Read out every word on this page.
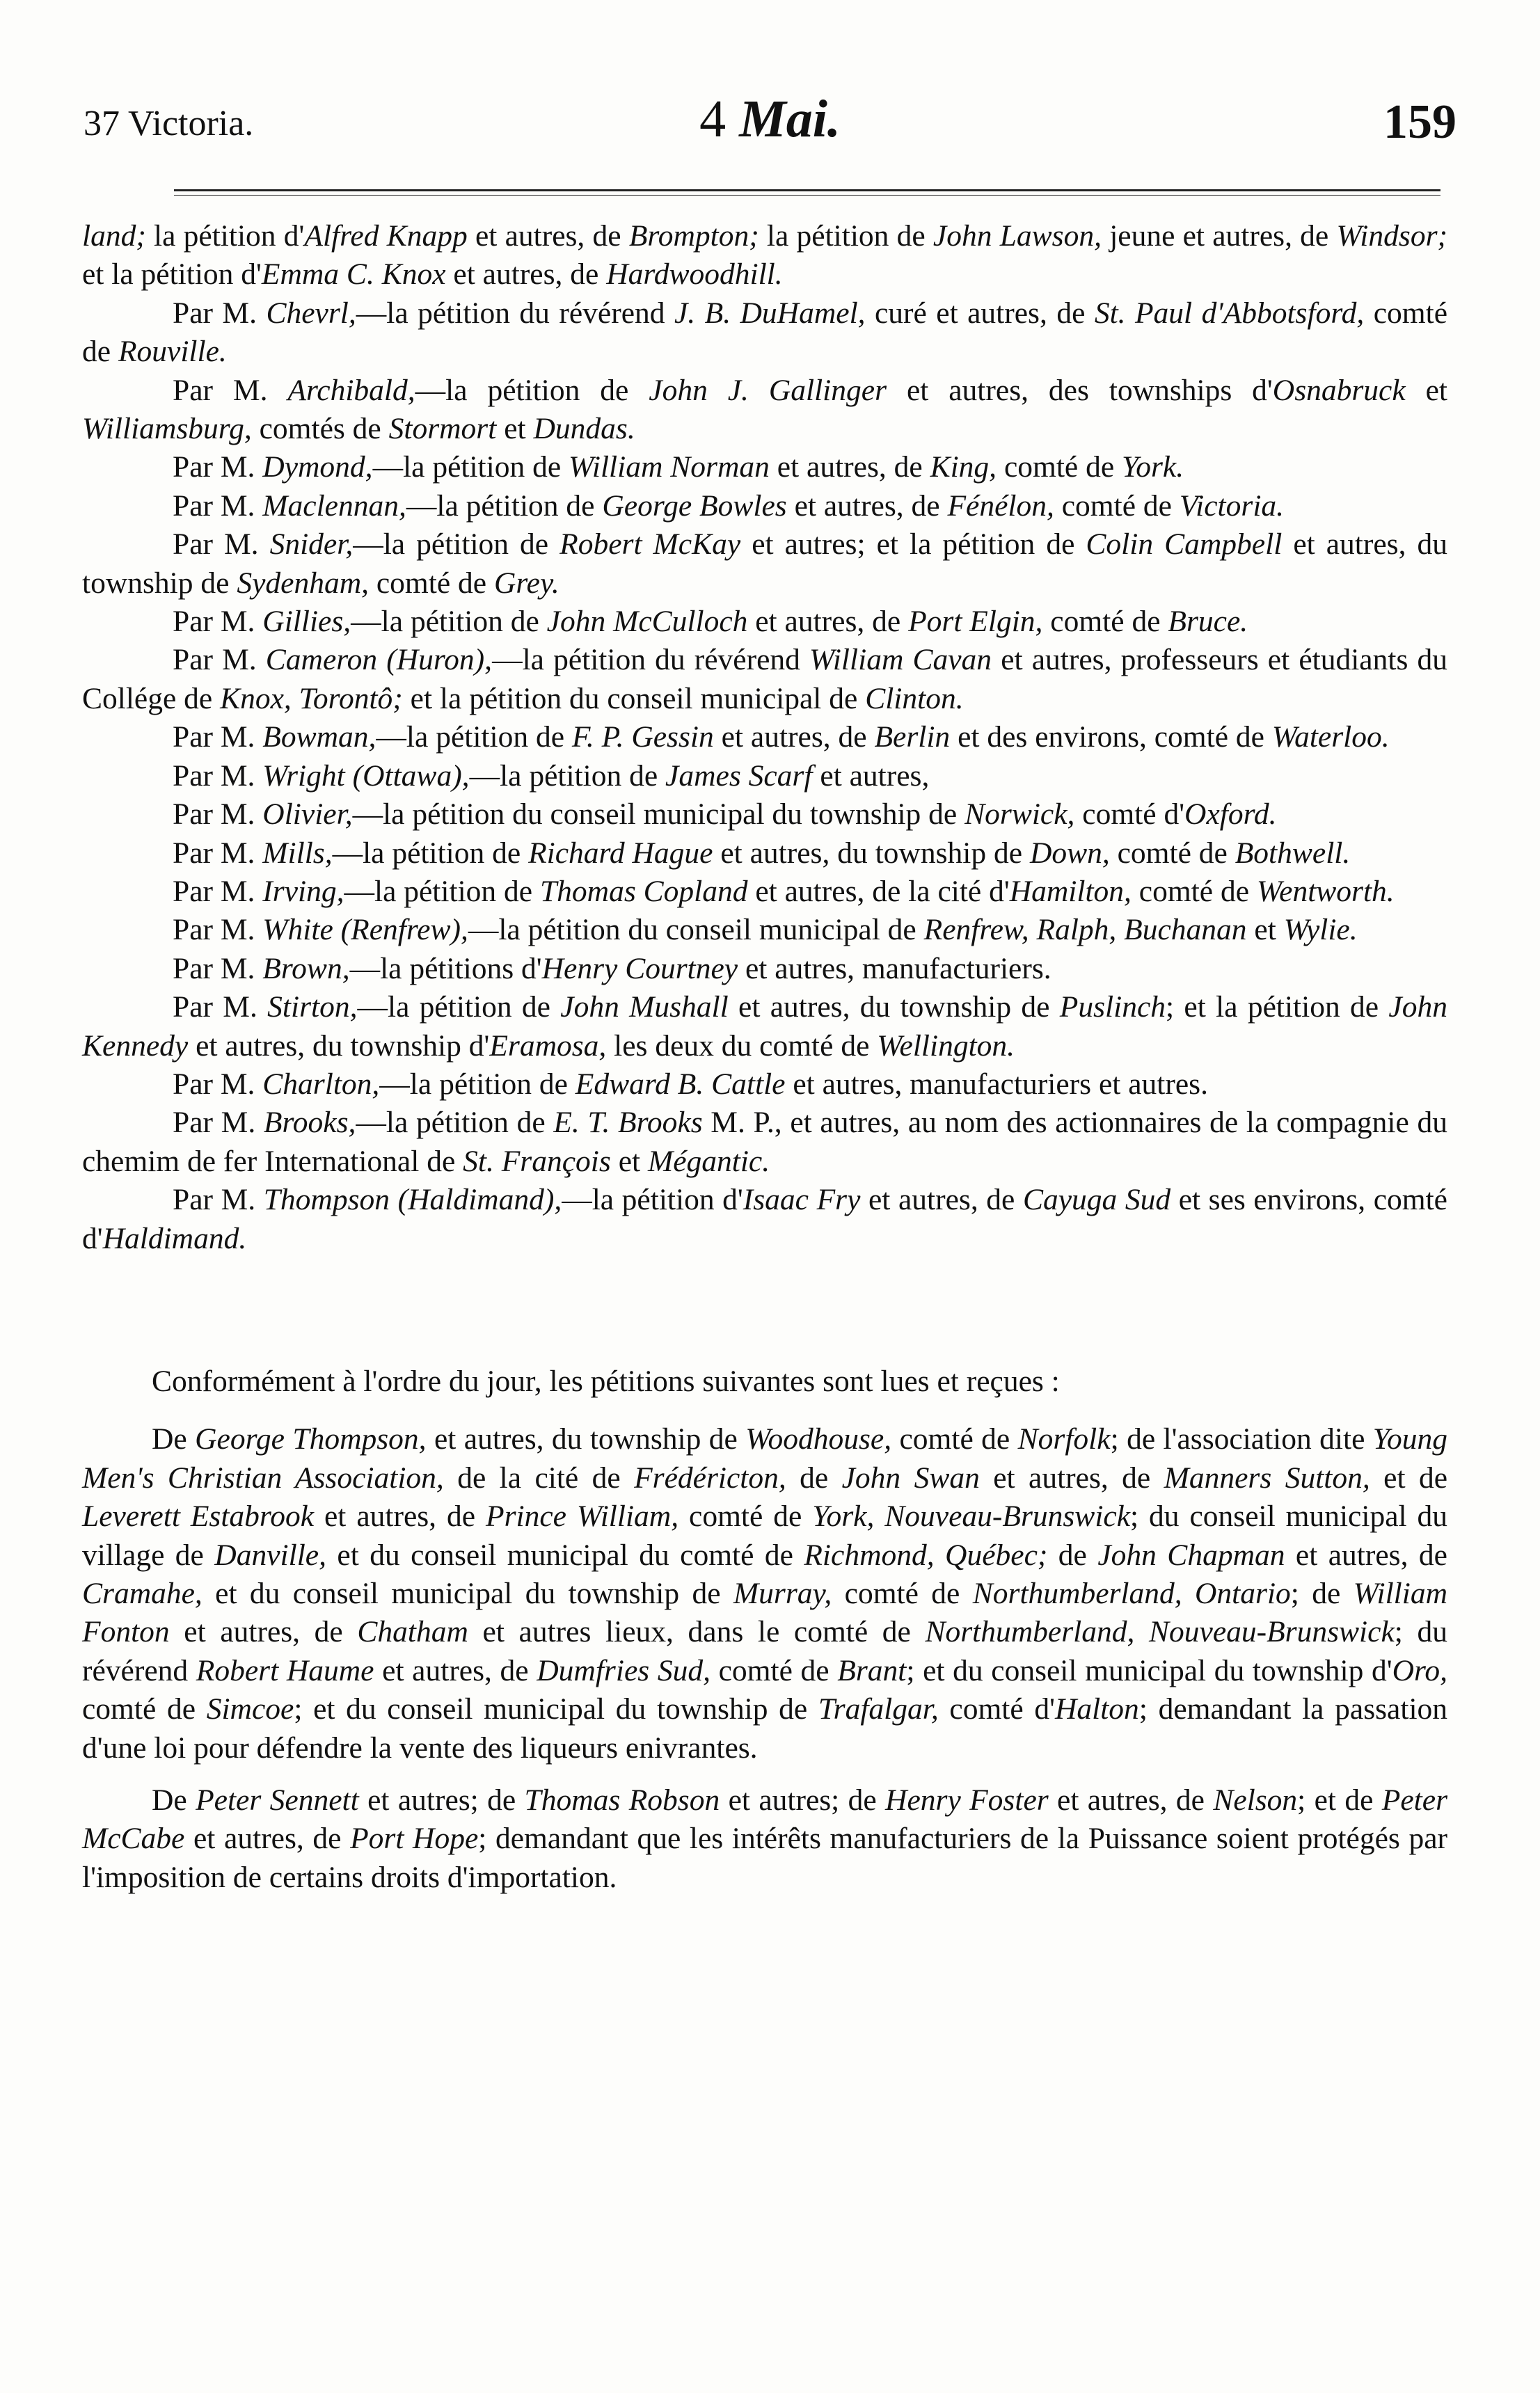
37 Victoria.	4 Mai.	159

land; la pétition d'Alfred Knapp et autres, de Brompton; la pétition de John Lawson, jeune et autres, de Windsor; et la pétition d'Emma C. Knox et autres, de Hardwoodhill.

Par M. Chevrl,—la pétition du révérend J. B. DuHamel, curé et autres, de St. Paul d'Abbotsford, comté de Rouville.

Par M. Archibald,—la pétition de John J. Gallinger et autres, des townships d'Osnabruck et Williamsburg, comtés de Stormort et Dundas.

Par M. Dymond,—la pétition de William Norman et autres, de King, comté de York.

Par M. Maclennan,—la pétition de George Bowles et autres, de Fénélon, comté de Victoria.

Par M. Snider,—la pétition de Robert McKay et autres; et la pétition de Colin Campbell et autres, du township de Sydenham, comté de Grey.

Par M. Gillies,—la pétition de John McCulloch et autres, de Port Elgin, comté de Bruce.

Par M. Cameron (Huron),—la pétition du révérend William Cavan et autres, professeurs et étudiants du Collége de Knox, Torontô; et la pétition du conseil municipal de Clinton.

Par M. Bowman,—la pétition de F. P. Gessin et autres, de Berlin et des environs, comté de Waterloo.

Par M. Wright (Ottawa),—la pétition de James Scarf et autres,

Par M. Olivier,—la pétition du conseil municipal du township de Norwick, comté d'Oxford.

Par M. Mills,—la pétition de Richard Hague et autres, du township de Down, comté de Bothwell.

Par M. Irving,—la pétition de Thomas Copland et autres, de la cité d'Hamilton, comté de Wentworth.

Par M. White (Renfrew),—la pétition du conseil municipal de Renfrew, Ralph, Buchanan et Wylie.

Par M. Brown,—la pétitions d'Henry Courtney et autres, manufacturiers.

Par M. Stirton,—la pétition de John Mushall et autres, du township de Puslinch; et la pétition de John Kennedy et autres, du township d'Eramosa, les deux du comté de Wellington.

Par M. Charlton,—la pétition de Edward B. Cattle et autres, manufacturiers et autres.

Par M. Brooks,—la pétition de E. T. Brooks M. P., et autres, au nom des actionnaires de la compagnie du chemim de fer International de St. François et Mégantic.

Par M. Thompson (Haldimand),—la pétition d'Isaac Fry et autres, de Cayuga Sud et ses environs, comté d'Haldimand.

Conformément à l'ordre du jour, les pétitions suivantes sont lues et reçues :

De George Thompson, et autres, du township de Woodhouse, comté de Norfolk; de l'association dite Young Men's Christian Association, de la cité de Frédéricton, de John Swan et autres, de Manners Sutton, et de Leverett Estabrook et autres, de Prince William, comté de York, Nouveau-Brunswick; du conseil municipal du village de Danville, et du conseil municipal du comté de Richmond, Québec; de John Chapman et autres, de Cramahe, et du conseil municipal du township de Murray, comté de Northumberland, Ontario; de William Fonton et autres, de Chatham et autres lieux, dans le comté de Northumberland, Nouveau-Brunswick; du révérend Robert Haume et autres, de Dumfries Sud, comté de Brant; et du conseil municipal du township d'Oro, comté de Simcoe; et du conseil municipal du township de Trafalgar, comté d'Halton; demandant la passation d'une loi pour défendre la vente des liqueurs enivrantes.

De Peter Sennett et autres; de Thomas Robson et autres; de Henry Foster et autres, de Nelson; et de Peter McCabe et autres, de Port Hope; demandant que les intérêts manufacturiers de la Puissance soient protégés par l'imposition de certains droits d'importation.
